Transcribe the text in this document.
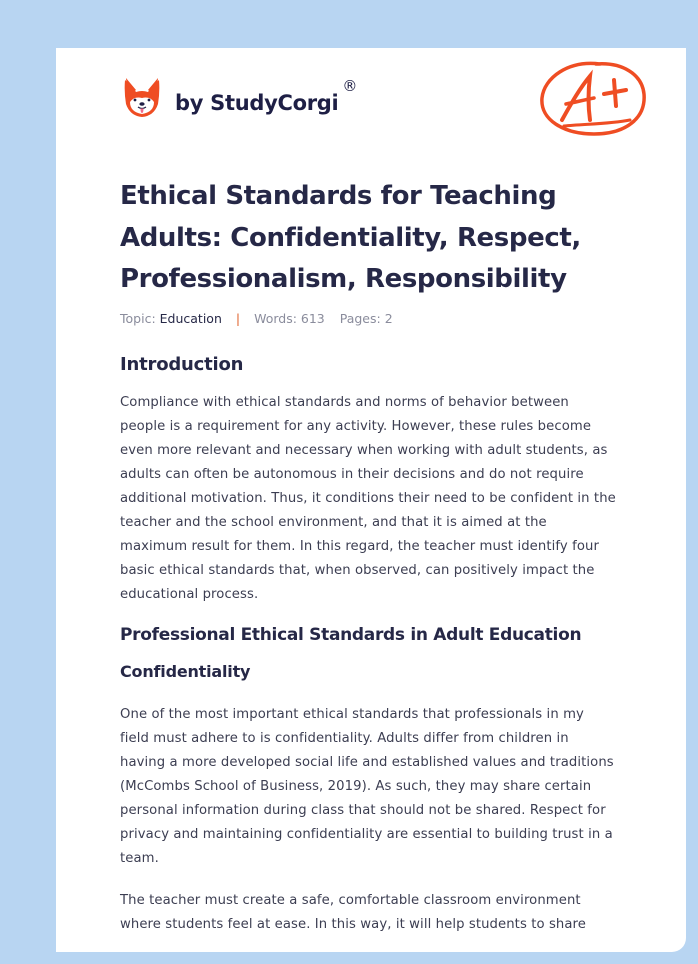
by StudyCorgi
®
Ethical Standards for Teaching Adults: Confidentiality, Respect, Professionalism, Responsibility
Topic: Education | Words: 613 Pages: 2
Introduction

Compliance with ethical standards and norms of behavior between
people is a requirement for any activity. However, these rules become
even more relevant and necessary when working with adult students, as
adults can often be autonomous in their decisions and do not require
additional motivation. Thus, it conditions their need to be confident in the
teacher and the school environment, and that it is aimed at the
maximum result for them. In this regard, the teacher must identify four
basic ethical standards that, when observed, can positively impact the
educational process.

Professional Ethical Standards in Adult Education
Confidentiality

One of the most important ethical standards that professionals in my
field must adhere to is confidentiality. Adults differ from children in
having a more developed social life and established values and traditions
(McCombs School of Business, 2019). As such, they may share certain
personal information during class that should not be shared. Respect for
privacy and maintaining confidentiality are essential to building trust in a
team.

The teacher must create a safe, comfortable classroom environment
where students feel at ease. In this way, it will help students to share
